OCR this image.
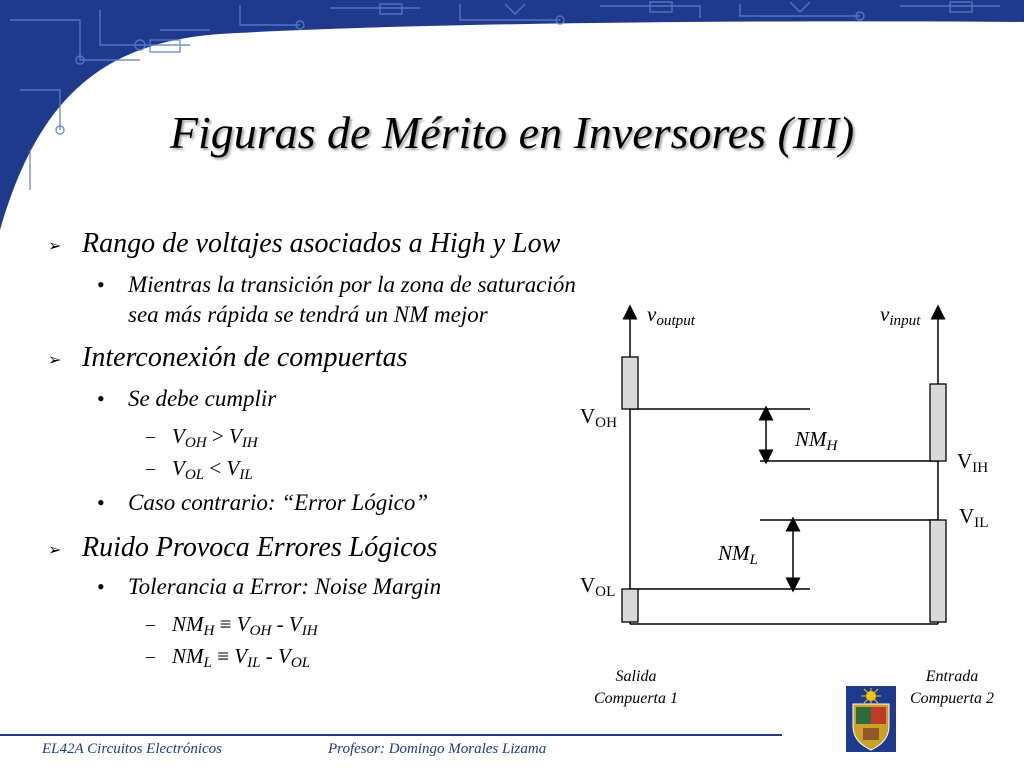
Figuras de Mérito en Inversores (III)
➢ Rango de voltajes asociados a High y Low
• Mientras la transición por la zona de saturación
sea más rápida se tendrá un NM mejor
➢ Interconexión de compuertas
• Se debe cumplir
– $V_{OH} > V_{IH}$
– $V_{OL} < V_{IL}$
• Caso contrario: “Error Lógico”
➢ Ruido Provoca Errores Lógicos
• Tolerancia a Error: Noise Margin
– $NM_H \equiv V_{OH} - V_{IH}$
– $NM_L \equiv V_{IL} - V_{OL}$
$v_{output}$	$v_{input}$
$V_{OH}$
$NM_H$
$V_{IH}$
$V_{IL}$
$NM_L$
$V_{OL}$
Salida
Compuerta 1
Entrada
Compuerta 2
EL42A Circuitos Electrónicos	Profesor: Domingo Morales Lizama
